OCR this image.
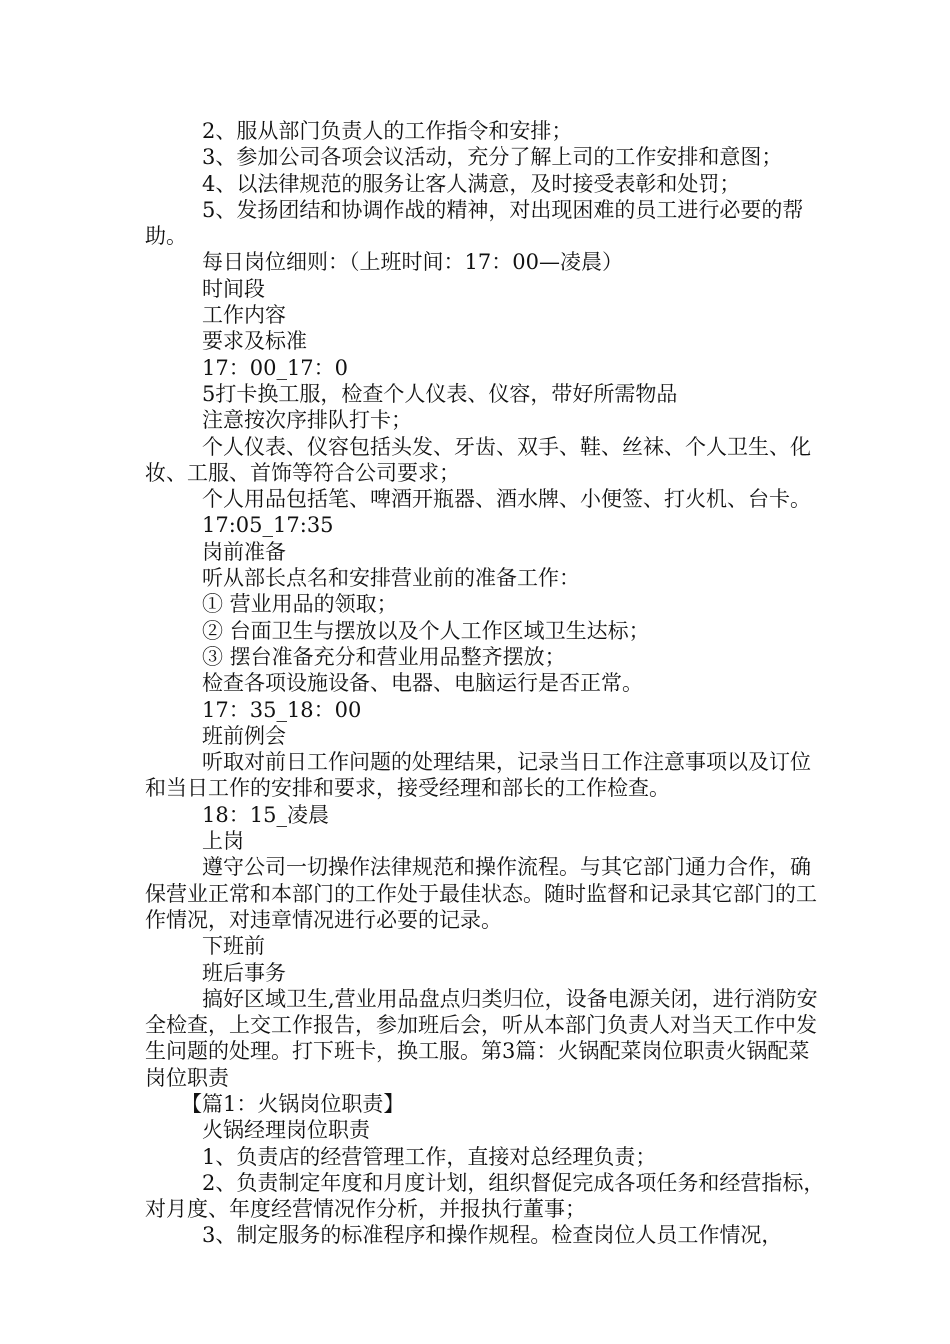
2、服从部门负责人的工作指令和安排；

3、参加公司各项会议活动，充分了解上司的工作安排和意图；

4、以法律规范的服务让客人满意，及时接受表彰和处罚；

5、发扬团结和协调作战的精神，对出现困难的员工进行必要的帮助。

每日岗位细则：（上班时间：17：00—凌晨）

时间段

工作内容

要求及标准

17：00_17：0

5打卡换工服，检查个人仪表、仪容，带好所需物品

注意按次序排队打卡；

个人仪表、仪容包括头发、牙齿、双手、鞋、丝袜、个人卫生、化妆、工服、首饰等符合公司要求；

个人用品包括笔、啤酒开瓶器、酒水牌、小便签、打火机、台卡。

17:05_17:35

岗前准备

听从部长点名和安排营业前的准备工作：

① 营业用品的领取；

② 台面卫生与摆放以及个人工作区域卫生达标；

③ 摆台准备充分和营业用品整齐摆放；

检查各项设施设备、电器、电脑运行是否正常。

17：35_18：00

班前例会

听取对前日工作问题的处理结果，记录当日工作注意事项以及订位和当日工作的安排和要求，接受经理和部长的工作检查。

18：15_凌晨

上岗

遵守公司一切操作法律规范和操作流程。与其它部门通力合作，确保营业正常和本部门的工作处于最佳状态。随时监督和记录其它部门的工作情况，对违章情况进行必要的记录。

下班前

班后事务

搞好区域卫生,营业用品盘点归类归位，设备电源关闭，进行消防安全检查，上交工作报告，参加班后会，听从本部门负责人对当天工作中发生问题的处理。打下班卡，换工服。第3篇：火锅配菜岗位职责火锅配菜岗位职责

【篇1：火锅岗位职责】

火锅经理岗位职责

1、负责店的经营管理工作，直接对总经理负责；

2、负责制定年度和月度计划，组织督促完成各项任务和经营指标，对月度、年度经营情况作分析，并报执行董事；

3、制定服务的标准程序和操作规程。检查岗位人员工作情况，
